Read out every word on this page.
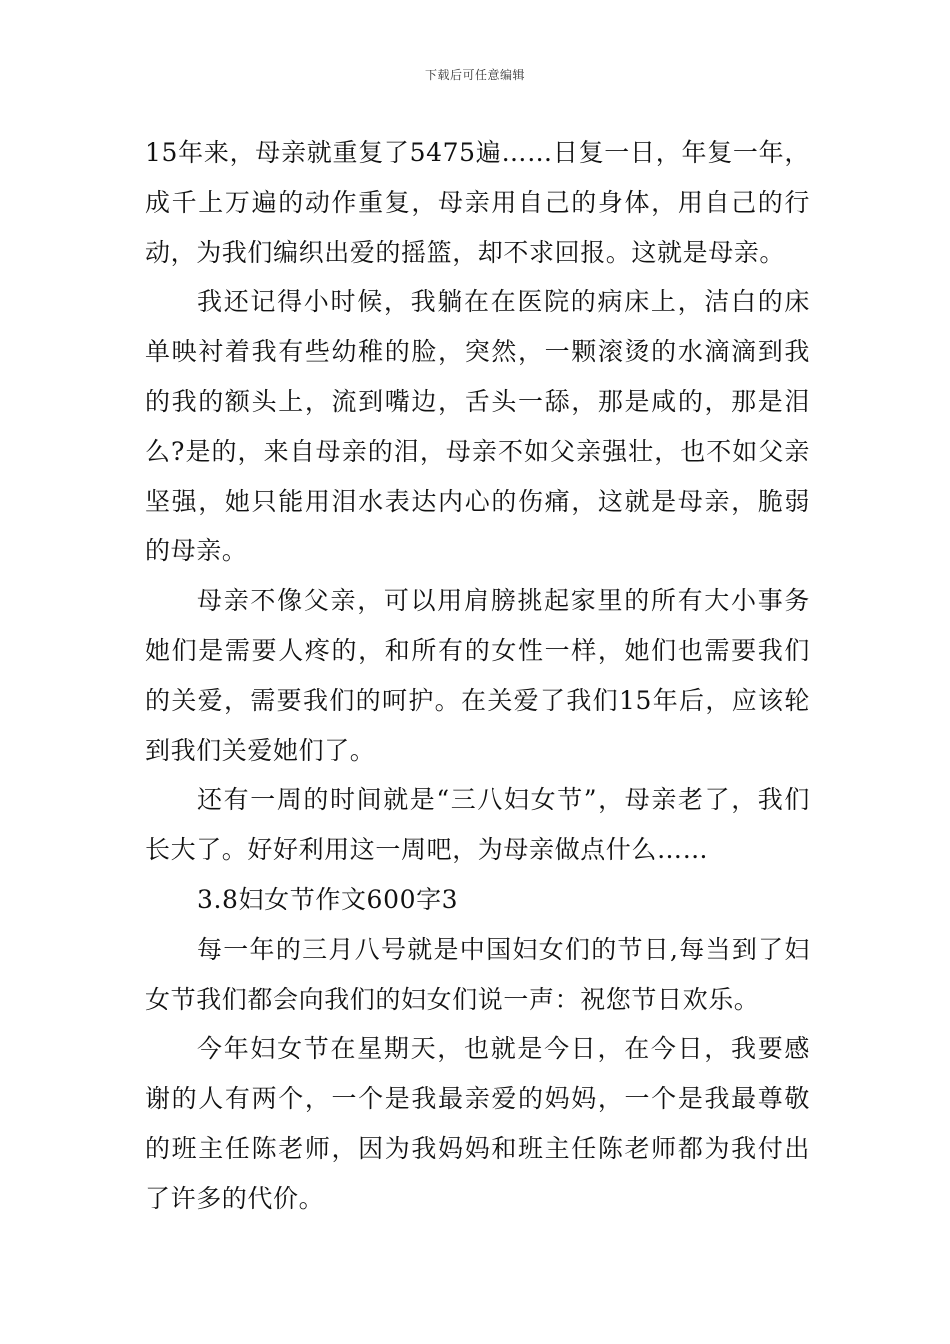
下载后可任意编辑

15年来，母亲就重复了5475遍……日复一日，年复一年，成千上万遍的动作重复，母亲用自己的身体，用自己的行动，为我们编织出爱的摇篮，却不求回报。这就是母亲。

我还记得小时候，我躺在在医院的病床上，洁白的床单映衬着我有些幼稚的脸，突然，一颗滚烫的水滴滴到我的我的额头上，流到嘴边，舌头一舔，那是咸的，那是泪么?是的，来自母亲的泪，母亲不如父亲强壮，也不如父亲坚强，她只能用泪水表达内心的伤痛，这就是母亲，脆弱的母亲。

母亲不像父亲，可以用肩膀挑起家里的所有大小事务她们是需要人疼的，和所有的女性一样，她们也需要我们的关爱，需要我们的呵护。在关爱了我们15年后，应该轮到我们关爱她们了。

还有一周的时间就是“三八妇女节”，母亲老了，我们长大了。好好利用这一周吧，为母亲做点什么……

3.8妇女节作文600字3

每一年的三月八号就是中国妇女们的节日,每当到了妇女节我们都会向我们的妇女们说一声：祝您节日欢乐。

今年妇女节在星期天，也就是今日，在今日，我要感谢的人有两个，一个是我最亲爱的妈妈，一个是我最尊敬的班主任陈老师，因为我妈妈和班主任陈老师都为我付出了许多的代价。
